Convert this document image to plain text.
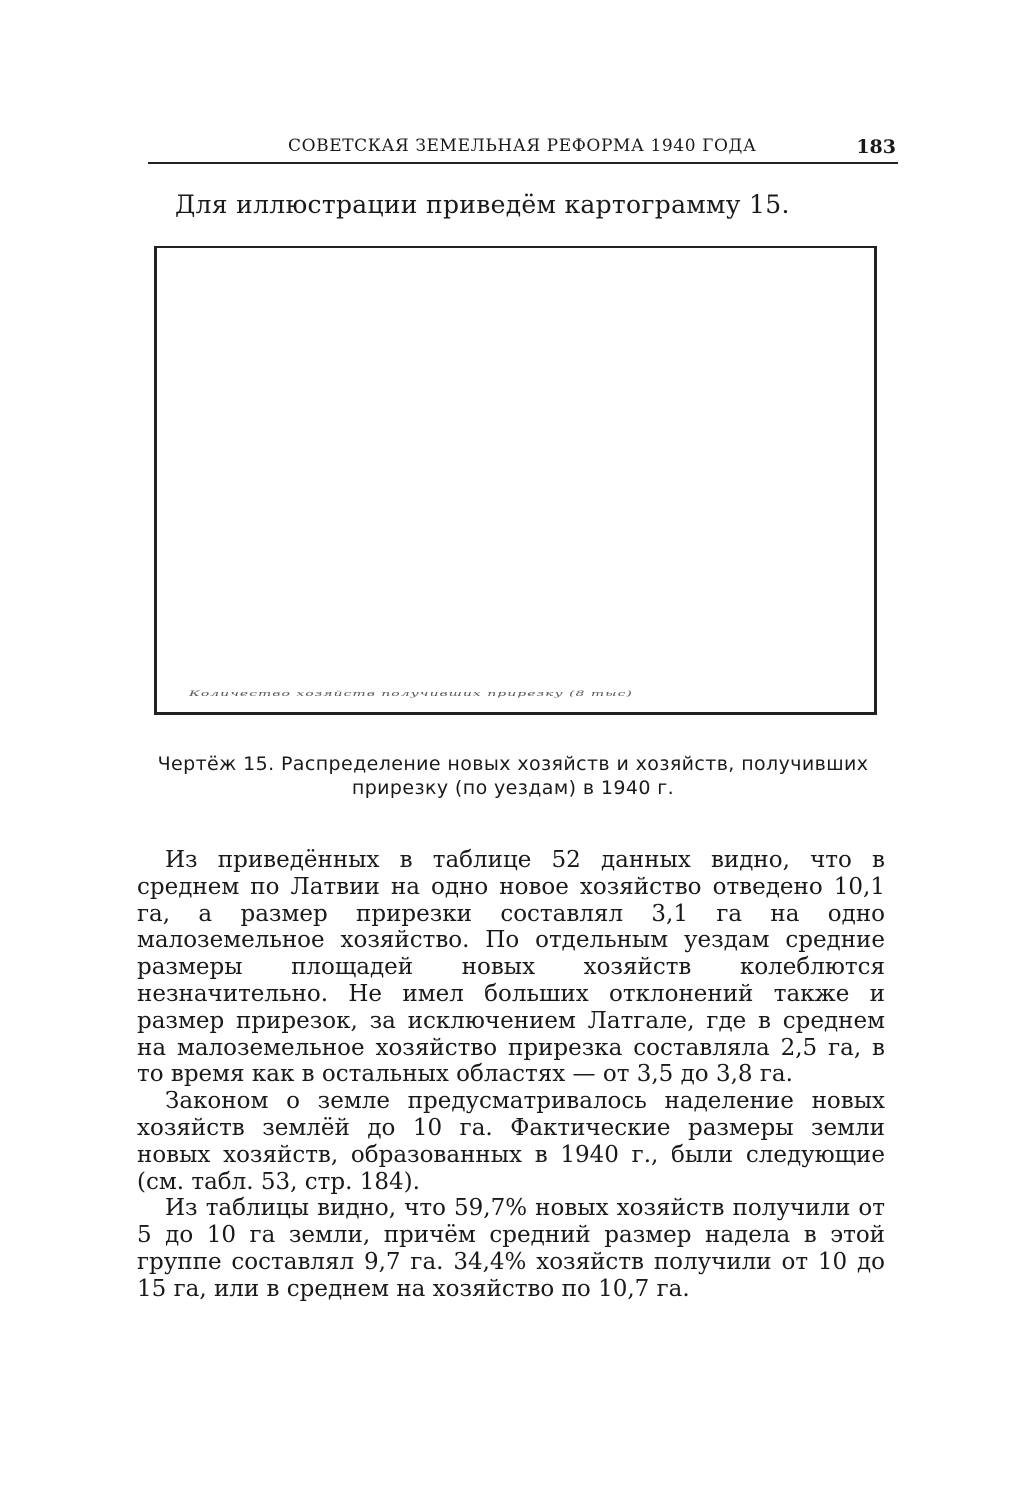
СОВЕТСКАЯ ЗЕМЕЛЬНАЯ РЕФОРМА 1940 ГОДА	183
Для иллюстрации приведём картограмму 15.
Количество хозяйств получивших прирезку (8 тыс)
Чертёж 15. Распределение новых хозяйств и хозяйств, получивших
прирезку (по уездам) в 1940 г.

Из приведённых в таблице 52 данных видно, что в среднем по Латвии на одно новое хозяйство отведено 10,1 га, а размер прирезки составлял 3,1 га на одно малоземельное хозяйство. По отдельным уездам средние размеры площадей новых хозяйств колеблются незначительно. Не имел больших отклонений также и размер прирезок, за исключением Латгале, где в среднем на малоземельное хозяйство прирезка составляла 2,5 га, в то время как в остальных областях — от 3,5 до 3,8 га.

Законом о земле предусматривалось наделение новых хозяйств землёй до 10 га. Фактические размеры земли новых хозяйств, образованных в 1940 г., были следующие (см. табл. 53, стр. 184).

Из таблицы видно, что 59,7% новых хозяйств получили от 5 до 10 га земли, причём средний размер надела в этой группе составлял 9,7 га. 34,4% хозяйств получили от 10 до 15 га, или в среднем на хозяйство по 10,7 га.
